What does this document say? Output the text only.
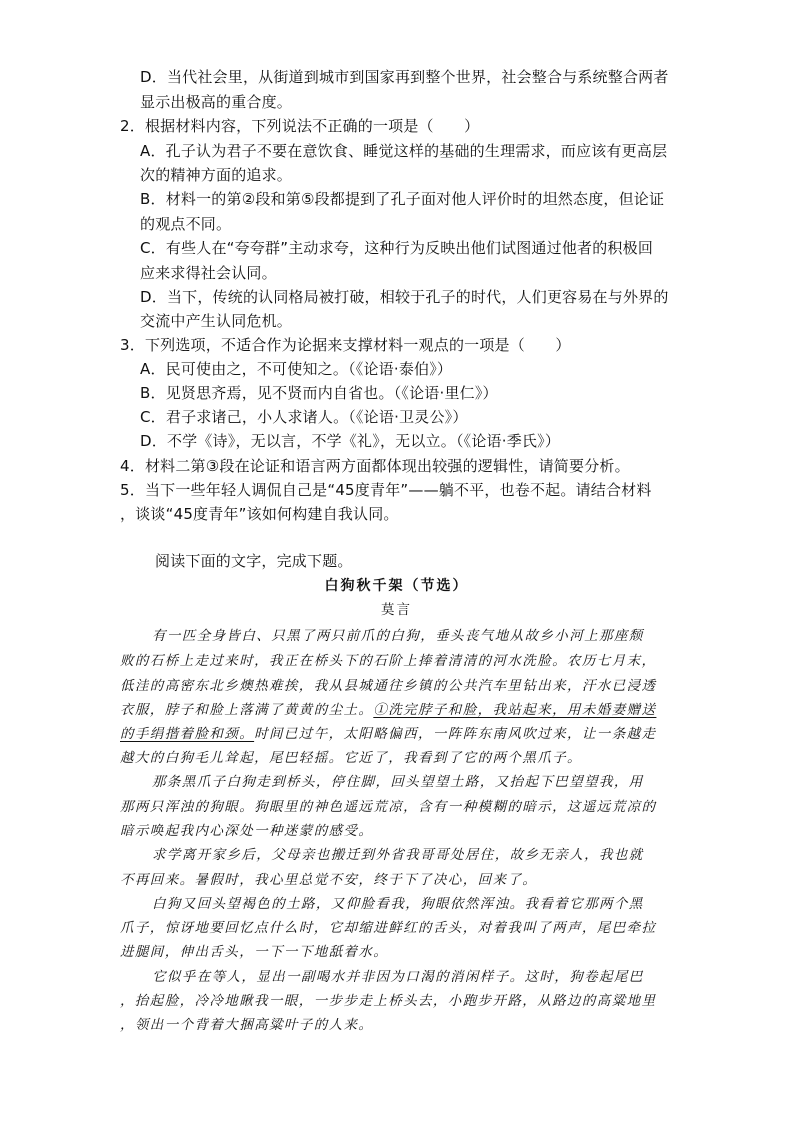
D．当代社会里，从街道到城市到国家再到整个世界，社会整合与系统整合两者
显示出极高的重合度。
2．根据材料内容，下列说法不正确的一项是（　　）
A．孔子认为君子不要在意饮食、睡觉这样的基础的生理需求，而应该有更高层
次的精神方面的追求。
B．材料一的第②段和第⑤段都提到了孔子面对他人评价时的坦然态度，但论证
的观点不同。
C．有些人在“夸夸群”主动求夸，这种行为反映出他们试图通过他者的积极回
应来求得社会认同。
D．当下，传统的认同格局被打破，相较于孔子的时代，人们更容易在与外界的
交流中产生认同危机。
3．下列选项，不适合作为论据来支撑材料一观点的一项是（　　）
A．民可使由之，不可使知之。（《论语·泰伯》）
B．见贤思齐焉，见不贤而内自省也。（《论语·里仁》）
C．君子求诸己，小人求诸人。（《论语·卫灵公》）
D．不学《诗》，无以言，不学《礼》，无以立。（《论语·季氏》）
4．材料二第③段在论证和语言两方面都体现出较强的逻辑性，请简要分析。
5．当下一些年轻人调侃自己是“45度青年”——躺不平，也卷不起。请结合材料
，谈谈“45度青年”该如何构建自我认同。
阅读下面的文字，完成下题。
白狗秋千架（节选）
莫言
有一匹全身皆白、只黑了两只前爪的白狗，垂头丧气地从故乡小河上那座颓
败的石桥上走过来时，我正在桥头下的石阶上捧着清清的河水洗脸。农历七月末，
低洼的高密东北乡燠热难挨，我从县城通往乡镇的公共汽车里钻出来，汗水已浸透
衣服，脖子和脸上落满了黄黄的尘土。①洗完脖子和脸，我站起来，用未婚妻赠送
的手绢揩着脸和颈。时间已过午，太阳略偏西，一阵阵东南风吹过来，让一条越走
越大的白狗毛儿耸起，尾巴轻摇。它近了，我看到了它的两个黑爪子。
那条黑爪子白狗走到桥头，停住脚，回头望望土路，又抬起下巴望望我，用
那两只浑浊的狗眼。狗眼里的神色遥远荒凉，含有一种模糊的暗示，这遥远荒凉的
暗示唤起我内心深处一种迷蒙的感受。
求学离开家乡后，父母亲也搬迁到外省我哥哥处居住，故乡无亲人，我也就
不再回来。暑假时，我心里总觉不安，终于下了决心，回来了。
白狗又回头望褐色的土路，又仰脸看我，狗眼依然浑浊。我看着它那两个黑
爪子，惊讶地要回忆点什么时，它却缩进鲜红的舌头，对着我叫了两声，尾巴牵拉
进腿间，伸出舌头，一下一下地舐着水。
它似乎在等人，显出一副喝水并非因为口渴的消闲样子。这时，狗卷起尾巴
，抬起脸，冷冷地瞅我一眼，一步步走上桥头去，小跑步开路，从路边的高粱地里
，领出一个背着大捆高粱叶子的人来。
